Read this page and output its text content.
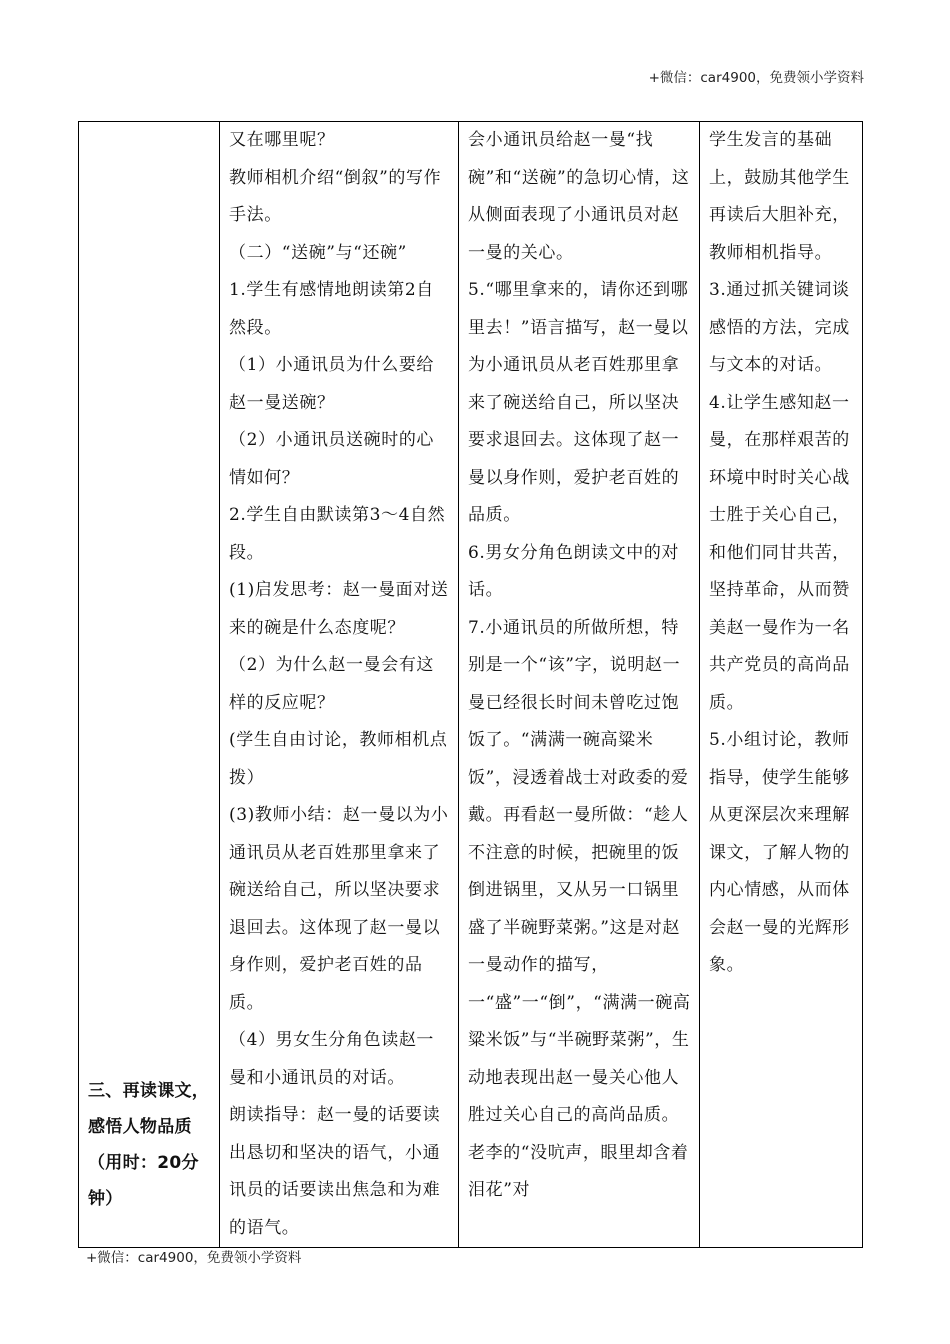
+微信：car4900，免费领小学资料
三、再读课文，
感悟人物品质
（用时：20分
钟）

又在哪里呢？
教师相机介绍“倒叙”的写作手法。
（二）“送碗”与“还碗”
1.学生有感情地朗读第2自然段。
（1）小通讯员为什么要给赵一曼送碗？
（2）小通讯员送碗时的心情如何？
2.学生自由默读第3～4自然段。
(1)启发思考：赵一曼面对送来的碗是什么态度呢？
（2）为什么赵一曼会有这样的反应呢？
(学生自由讨论，教师相机点拨）
(3)教师小结：赵一曼以为小通讯员从老百姓那里拿来了碗送给自己，所以坚决要求退回去。这体现了赵一曼以身作则，爱护老百姓的品质。
（4）男女生分角色读赵一曼和小通讯员的对话。
朗读指导：赵一曼的话要读出恳切和坚决的语气，小通讯员的话要读出焦急和为难的语气。

会小通讯员给赵一曼“找碗”和“送碗”的急切心情，这从侧面表现了小通讯员对赵一曼的关心。
5.“哪里拿来的，请你还到哪里去！”语言描写，赵一曼以为小通讯员从老百姓那里拿来了碗送给自己，所以坚决要求退回去。这体现了赵一曼以身作则，爱护老百姓的品质。
6.男女分角色朗读文中的对话。
7.小通讯员的所做所想，特别是一个“该”字，说明赵一曼已经很长时间未曾吃过饱饭了。“满满一碗高粱米饭”，浸透着战士对政委的爱戴。再看赵一曼所做：“趁人不注意的时候，把碗里的饭倒进锅里，又从另一口锅里盛了半碗野菜粥。”这是对赵一曼动作的描写，一“盛”一“倒”，“满满一碗高粱米饭”与“半碗野菜粥”，生动地表现出赵一曼关心他人胜过关心自己的高尚品质。老李的“没吭声，眼里却含着泪花”对

学生发言的基础上，鼓励其他学生再读后大胆补充，教师相机指导。
3.通过抓关键词谈感悟的方法，完成与文本的对话。
4.让学生感知赵一曼，在那样艰苦的环境中时时关心战士胜于关心自己，和他们同甘共苦，坚持革命，从而赞美赵一曼作为一名共产党员的高尚品质。
5.小组讨论，教师指导，使学生能够从更深层次来理解课文，了解人物的内心情感，从而体会赵一曼的光辉形象。
+微信：car4900，免费领小学资料
